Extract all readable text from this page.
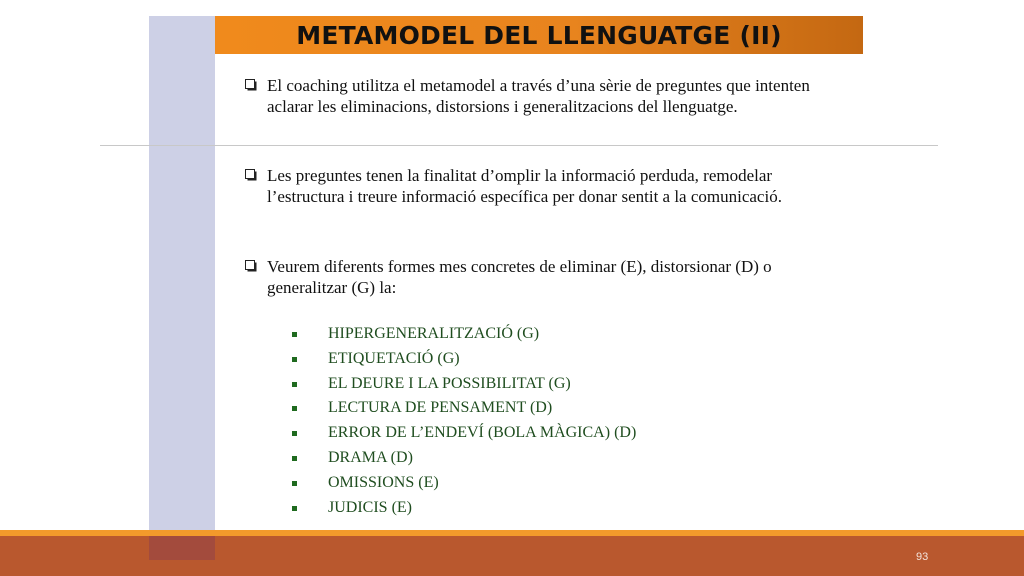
METAMODEL DEL LLENGUATGE (II)
El coaching utilitza el metamodel a través d’una sèrie de preguntes que intenten aclarar les eliminacions, distorsions i generalitzacions del llenguatge.
Les preguntes tenen la finalitat d’omplir la informació perduda, remodelar l’estructura i treure informació específica per donar sentit a la comunicació.
Veurem diferents formes mes concretes de eliminar (E), distorsionar (D) o generalitzar (G) la:
HIPERGENERALITZACIÓ (G)
ETIQUETACIÓ (G)
EL DEURE I LA POSSIBILITAT (G)
LECTURA DE PENSAMENT (D)
ERROR DE L’ENDEVÍ (BOLA MÀGICA) (D)
DRAMA (D)
OMISSIONS (E)
JUDICIS (E)
93
